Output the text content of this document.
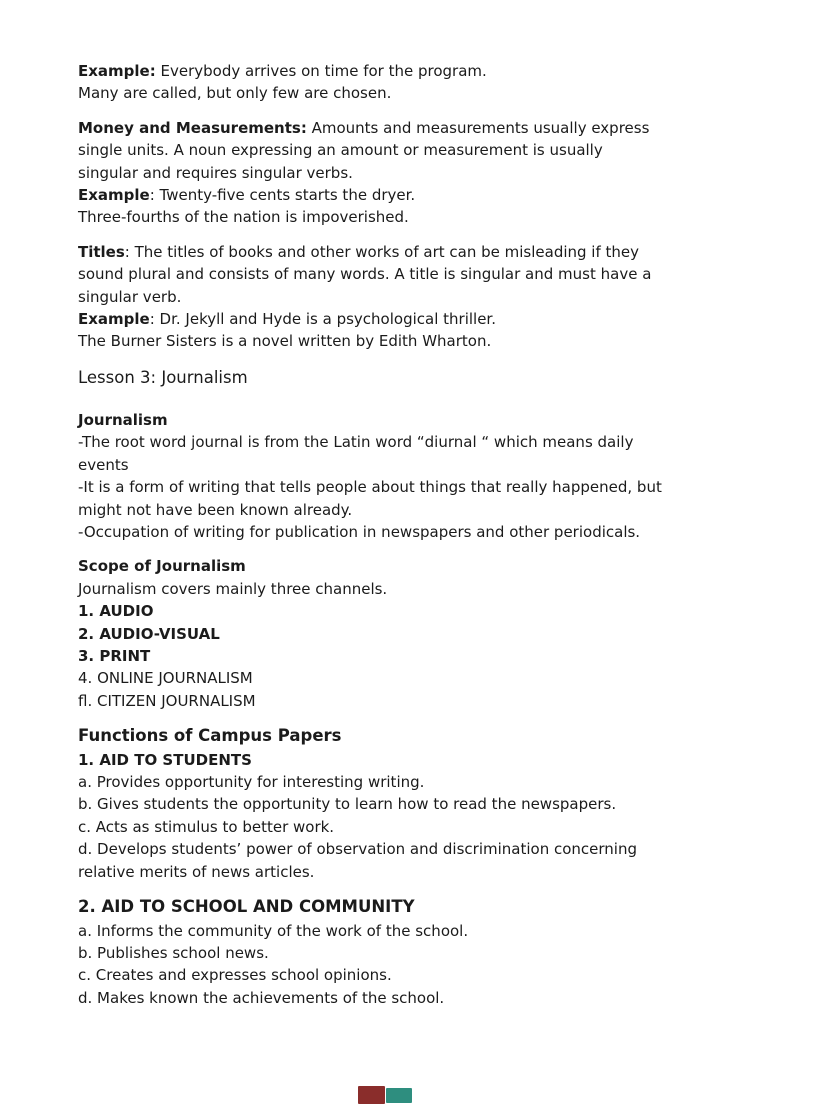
Example: Everybody arrives on time for the program.
Many are called, but only few are chosen.
Money and Measurements: Amounts and measurements usually express
single units. A noun expressing an amount or measurement is usually
singular and requires singular verbs.
Example: Twenty-five cents starts the dryer.
Three-fourths of the nation is impoverished.
Titles: The titles of books and other works of art can be misleading if they
sound plural and consists of many words. A title is singular and must have a
singular verb.
Example: Dr. Jekyll and Hyde is a psychological thriller.
The Burner Sisters is a novel written by Edith Wharton.
Lesson 3: Journalism
Journalism
-The root word journal is from the Latin word “diurnal “ which means daily
events
-It is a form of writing that tells people about things that really happened, but
might not have been known already.
-Occupation of writing for publication in newspapers and other periodicals.
Scope of Journalism
Journalism covers mainly three channels.
1. AUDIO
2. AUDIO-VISUAL
3. PRINT
4. ONLINE JOURNALISM
fl. CITIZEN JOURNALISM
Functions of Campus Papers
1. AID TO STUDENTS
a. Provides opportunity for interesting writing.
b. Gives students the opportunity to learn how to read the newspapers.
c. Acts as stimulus to better work.
d. Develops students’ power of observation and discrimination concerning
relative merits of news articles.
2. AID TO SCHOOL AND COMMUNITY
a. Informs the community of the work of the school.
b. Publishes school news.
c. Creates and expresses school opinions.
d. Makes known the achievements of the school.
